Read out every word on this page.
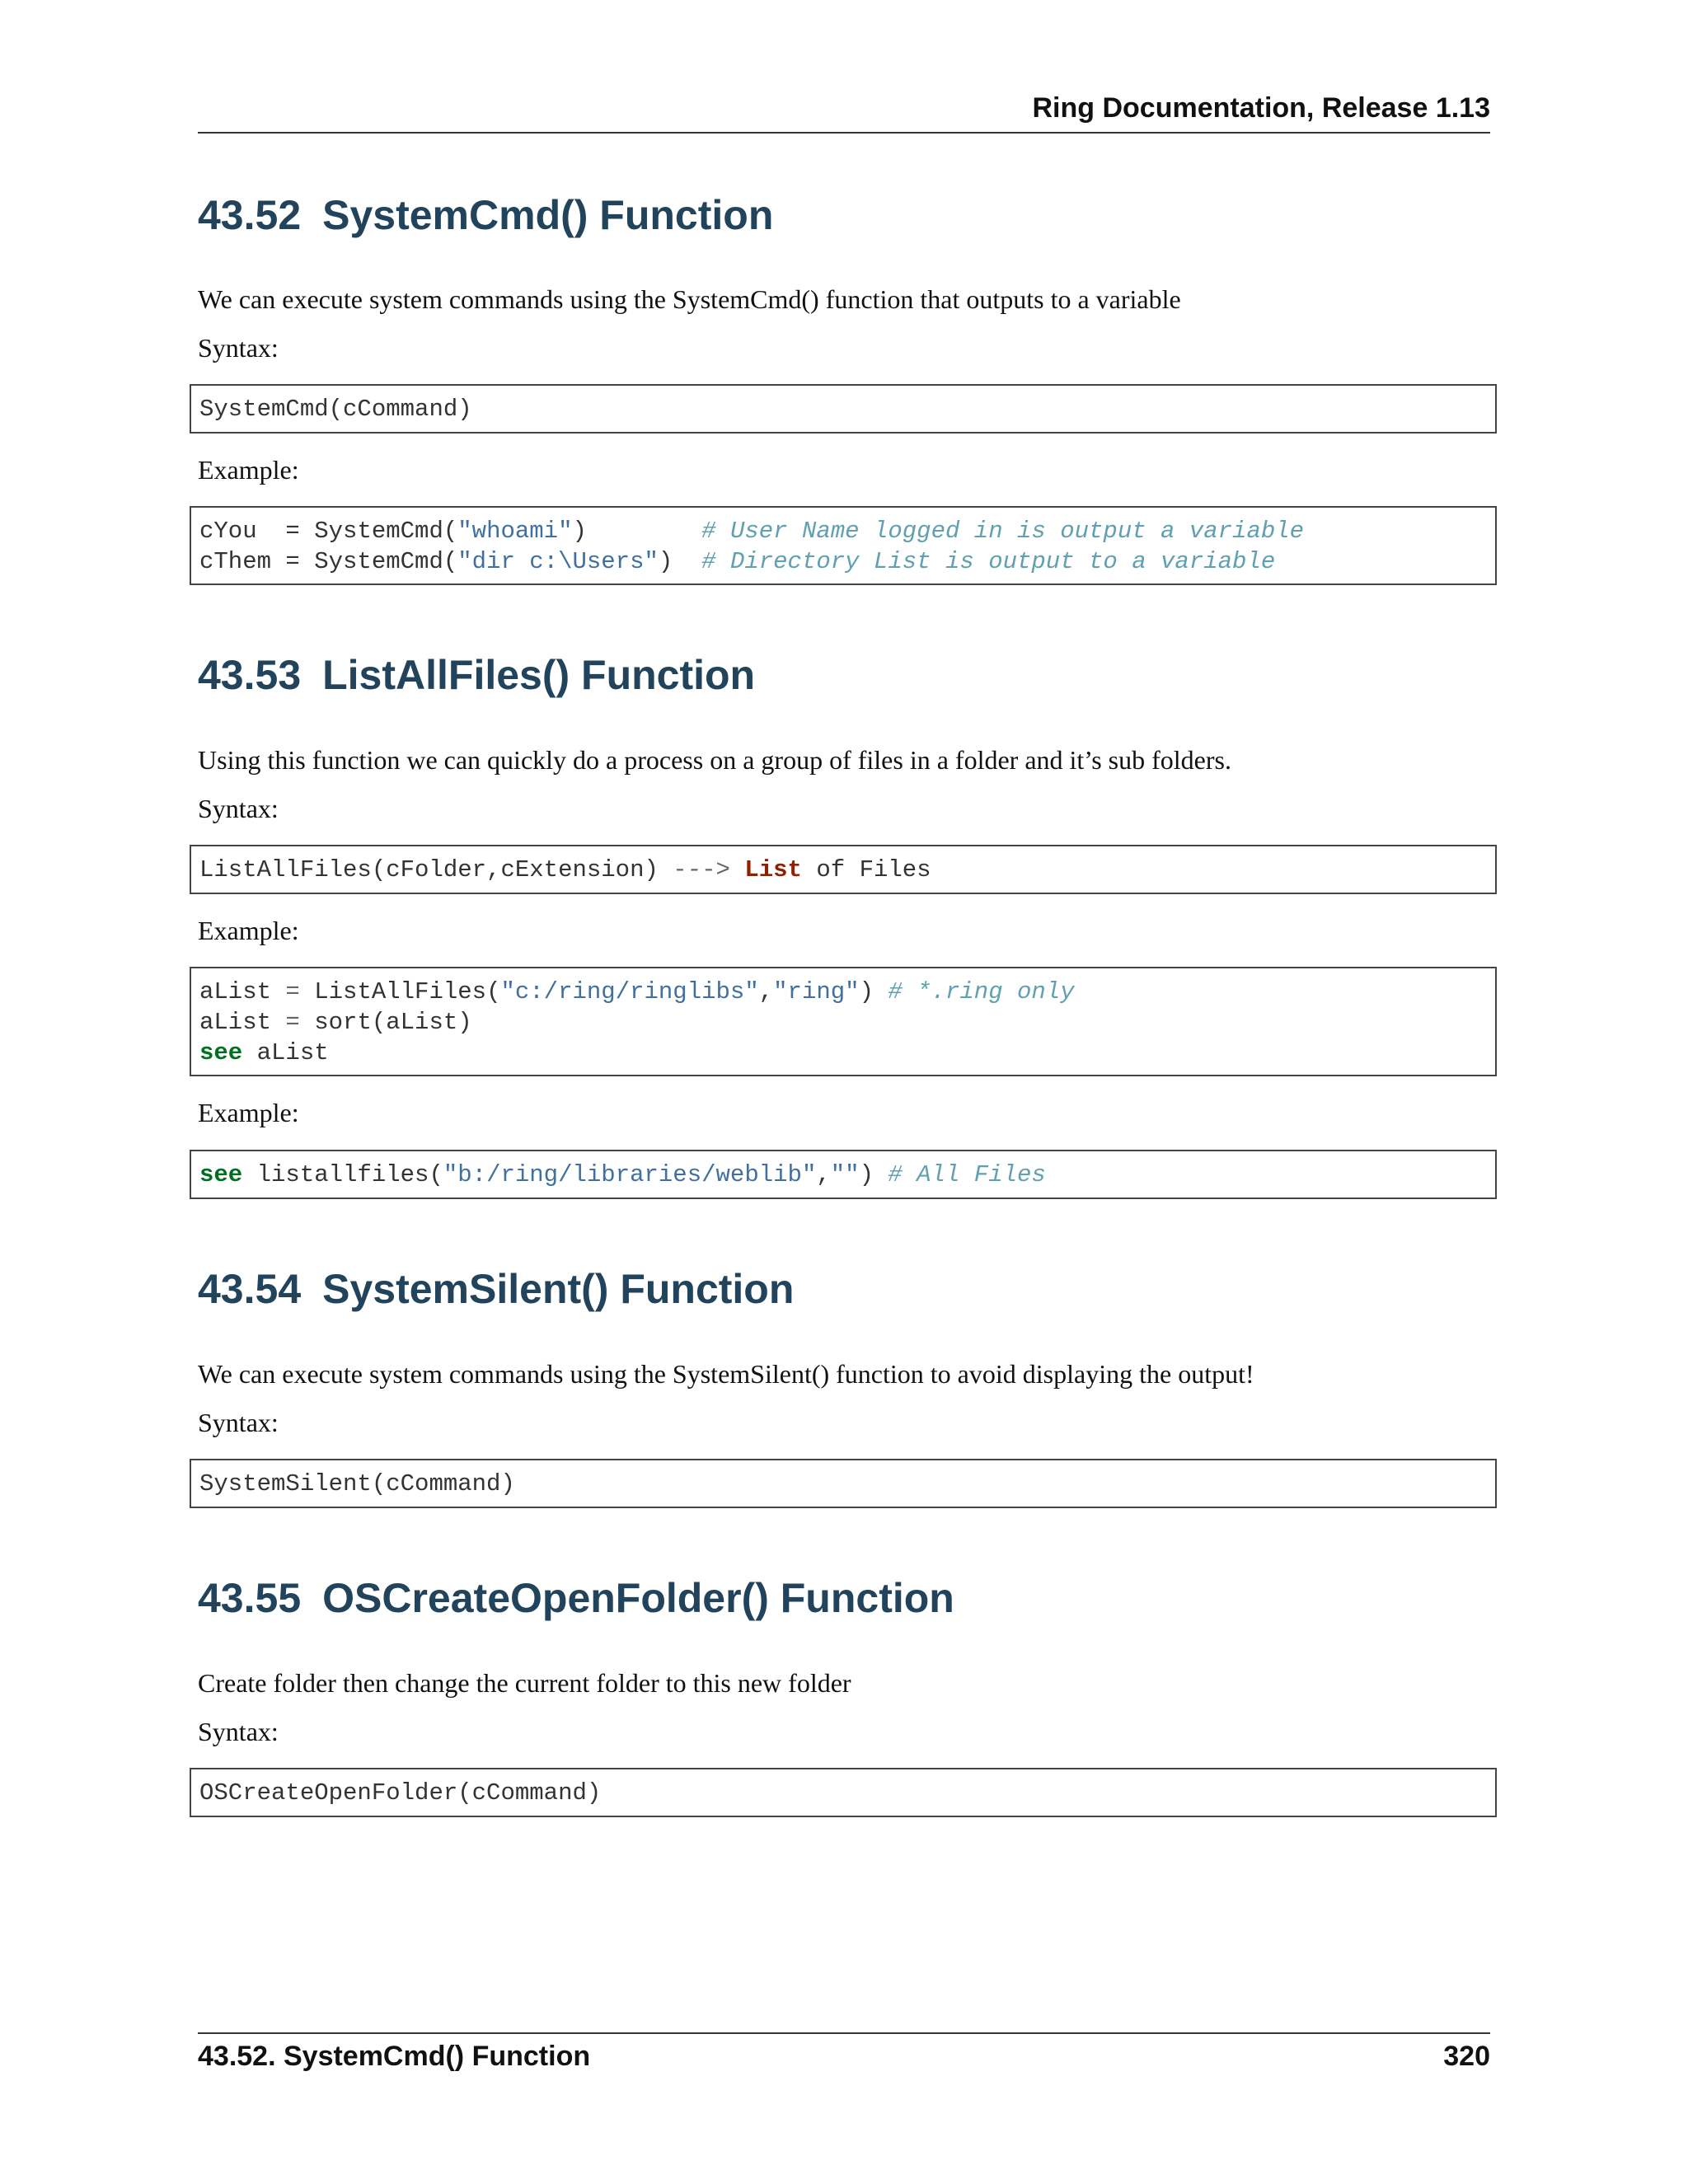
Ring Documentation, Release 1.13
43.52 SystemCmd() Function

We can execute system commands using the SystemCmd() function that outputs to a variable

Syntax:

SystemCmd(cCommand)

Example:

cYou  = SystemCmd("whoami")        # User Name logged in is output a variable
cThem = SystemCmd("dir c:\Users")  # Directory List is output to a variable
43.53 ListAllFiles() Function

Using this function we can quickly do a process on a group of files in a folder and it’s sub folders.

Syntax:

ListAllFiles(cFolder,cExtension) ---> List of Files

Example:

aList = ListAllFiles("c:/ring/ringlibs","ring") # *.ring only
aList = sort(aList)
see aList

Example:

see listallfiles("b:/ring/libraries/weblib","") # All Files
43.54 SystemSilent() Function

We can execute system commands using the SystemSilent() function to avoid displaying the output!

Syntax:

SystemSilent(cCommand)
43.55 OSCreateOpenFolder() Function

Create folder then change the current folder to this new folder

Syntax:

OSCreateOpenFolder(cCommand)
43.52. SystemCmd() Function	320
